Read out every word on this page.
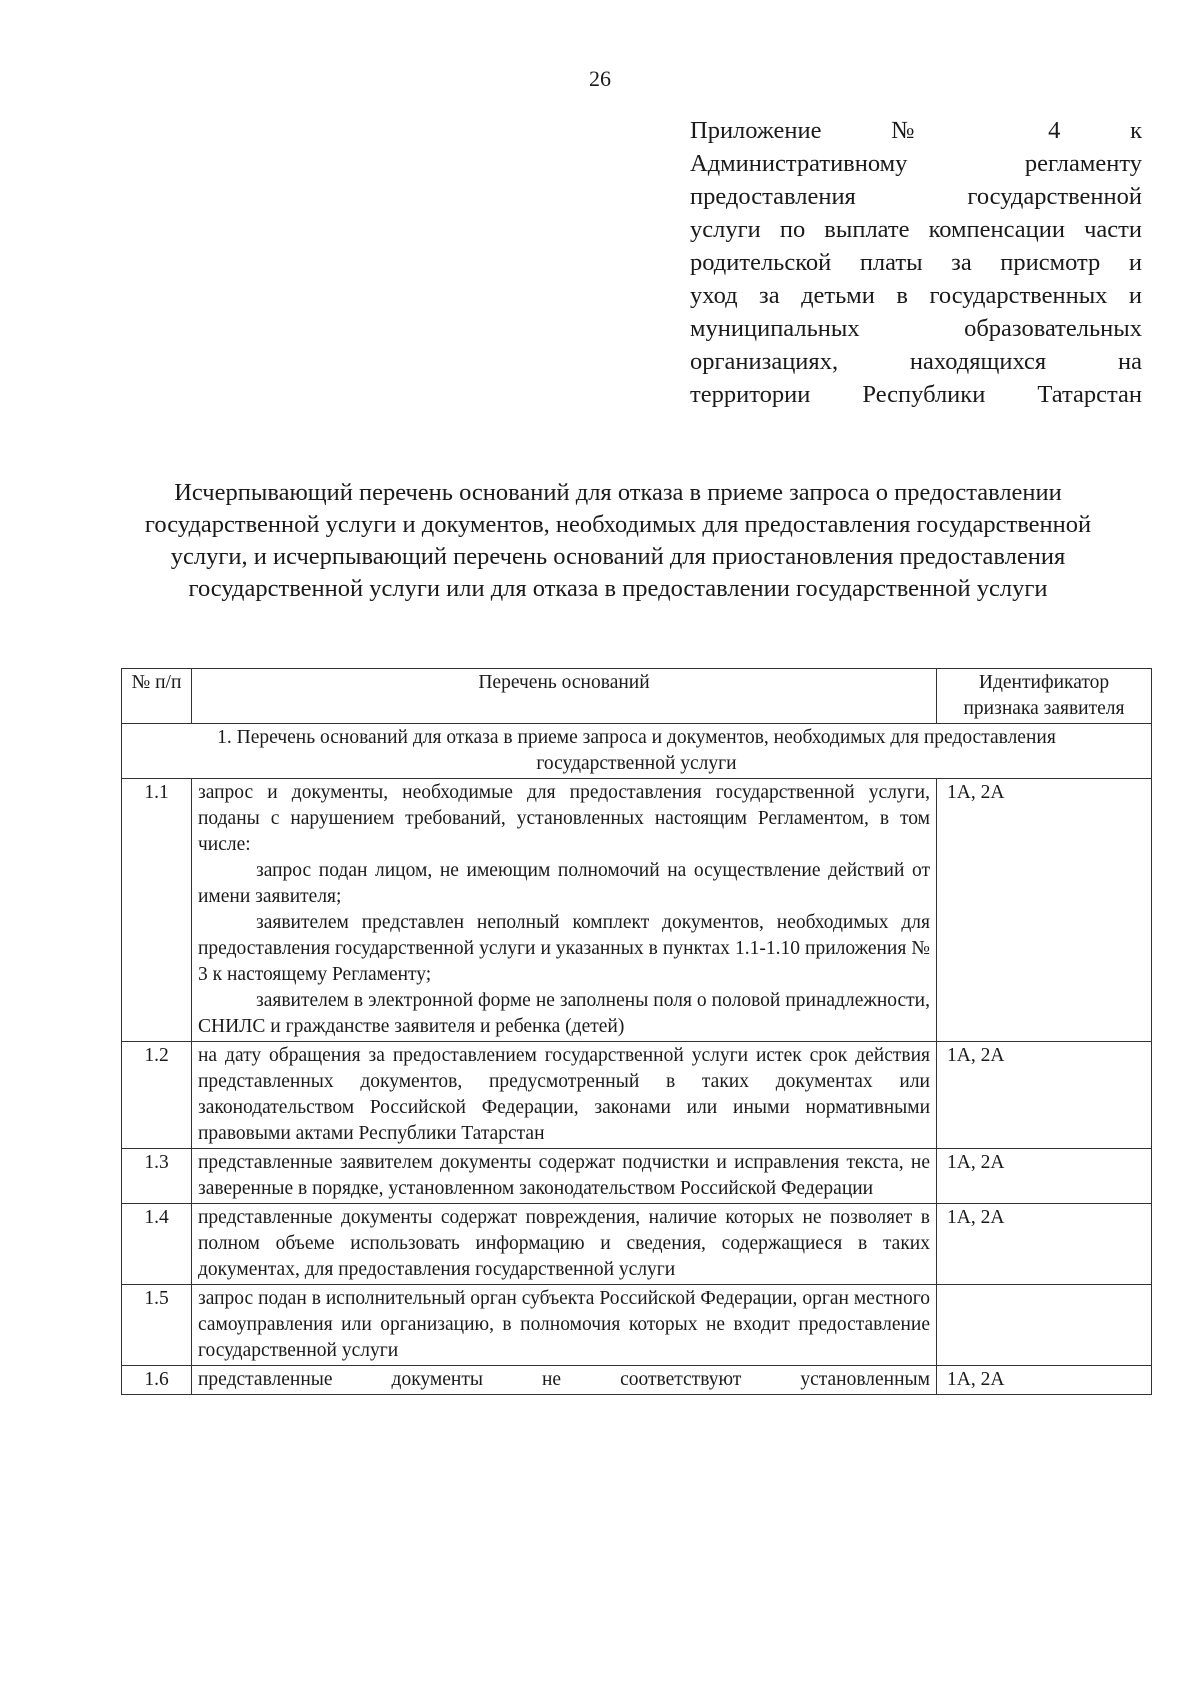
26
Приложение № 4 к
Административному регламенту
предоставления государственной
услуги по выплате компенсации части
родительской платы за присмотр и
уход за детьми в государственных и
муниципальных образовательных
организациях, находящихся на
территории Республики Татарстан
Исчерпывающий перечень оснований для отказа в приеме запроса о предоставлении государственной услуги и документов, необходимых для предоставления государственной услуги, и исчерпывающий перечень оснований для приостановления предоставления государственной услуги или для отказа в предоставлении государственной услуги
№ п/п	Перечень оснований	Идентификатор признака заявителя
1. Перечень оснований для отказа в приеме запроса и документов, необходимых для предоставления государственной услуги		
1.1	запрос и документы, необходимые для предоставления государственной услуги, поданы с нарушением требований, установленных настоящим Регламентом, в том числе:

запрос подан лицом, не имеющим полномочий на осуществление действий от имени заявителя;

заявителем представлен неполный комплект документов, необходимых для предоставления государственной услуги и указанных в пунктах 1.1-1.10 приложения № 3 к настоящему Регламенту;

заявителем в электронной форме не заполнены поля о половой принадлежности, СНИЛС и гражданстве заявителя и ребенка (детей)	1А, 2А
1.2	на дату обращения за предоставлением государственной услуги истек срок действия представленных документов, предусмотренный в таких документах или законодательством Российской Федерации, законами или иными нормативными правовыми актами Республики Татарстан	1А, 2А
1.3	представленные заявителем документы содержат подчистки и исправления текста, не заверенные в порядке, установленном законодательством Российской Федерации	1А, 2А
1.4	представленные документы содержат повреждения, наличие которых не позволяет в полном объеме использовать информацию и сведения, содержащиеся в таких документах, для предоставления государственной услуги	1А, 2А
1.5	запрос подан в исполнительный орган субъекта Российской Федерации, орган местного самоуправления или организацию, в полномочия которых не входит предоставление государственной услуги	
1.6	представленные документы не соответствуют установленным	1А, 2А
